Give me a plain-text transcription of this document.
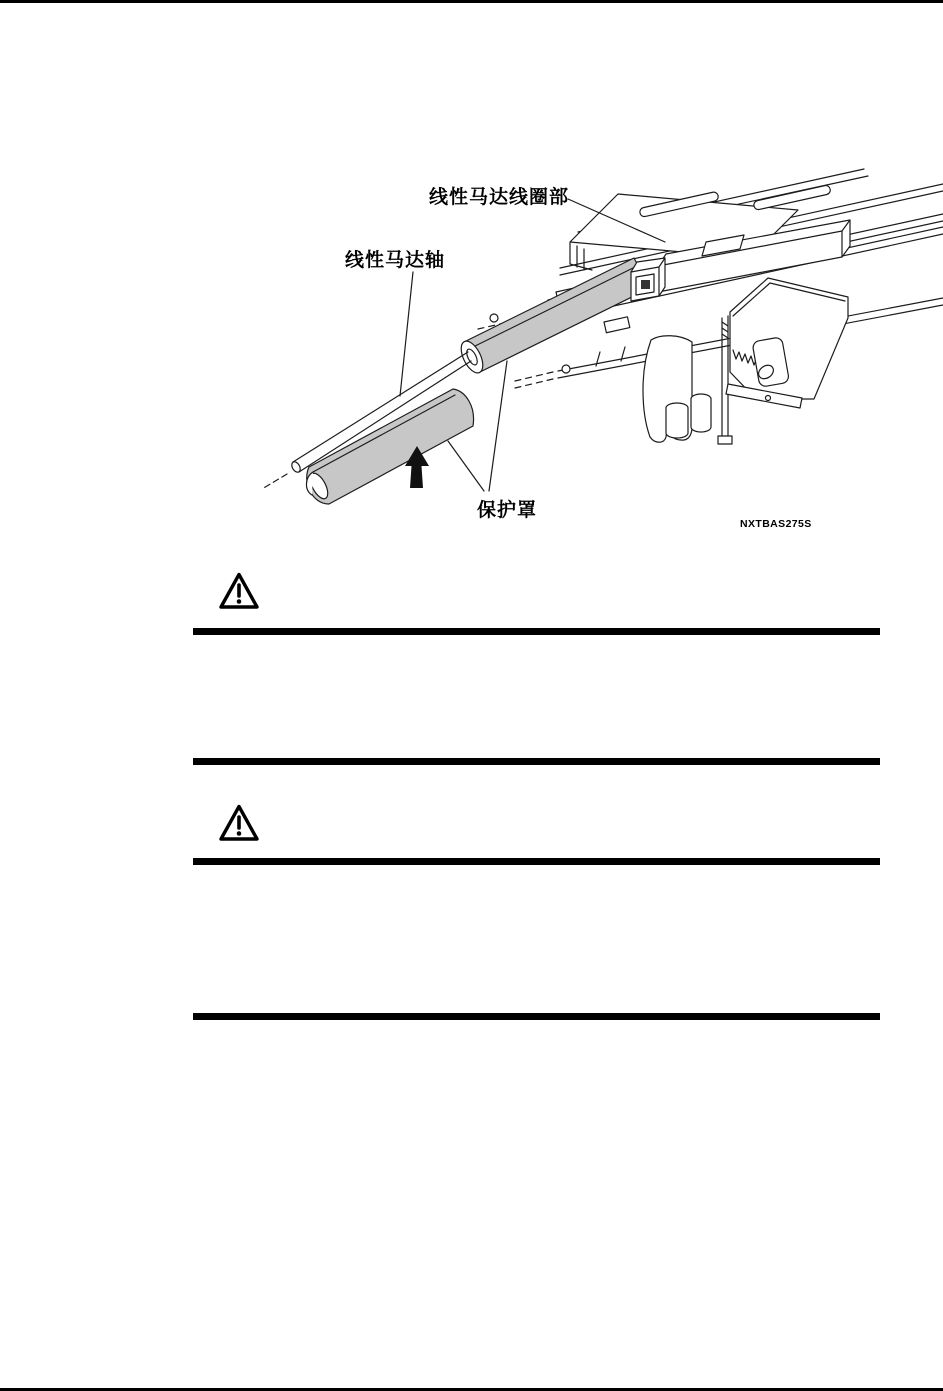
线性马达线圈部
线性马达轴
保护罩
NXTBAS275S
